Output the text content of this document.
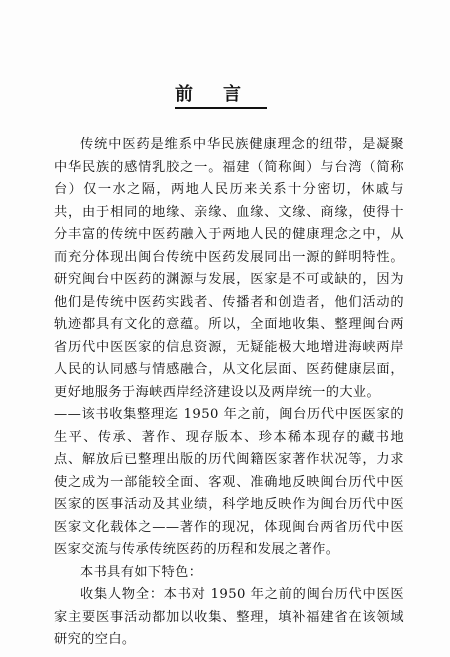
前言

传统中医药是维系中华民族健康理念的纽带，是凝聚中华民族的感情乳胶之一。福建（简称闽）与台湾（简称台）仅一水之隔，两地人民历来关系十分密切，休戚与共，由于相同的地缘、亲缘、血缘、文缘、商缘，使得十分丰富的传统中医药融入于两地人民的健康理念之中，从而充分体现出闽台传统中医药发展同出一源的鲜明特性。研究闽台中医药的渊源与发展，医家是不可或缺的，因为他们是传统中医药实践者、传播者和创造者，他们活动的轨迹都具有文化的意蕴。所以，全面地收集、整理闽台两省历代中医医家的信息资源，无疑能极大地增进海峡两岸人民的认同感与情感融合，从文化层面、医药健康层面，更好地服务于海峡西岸经济建设以及两岸统一的大业。

——该书收集整理迄 1950 年之前，闽台历代中医医家的生平、传承、著作、现存版本、珍本稀本现存的藏书地点、解放后已整理出版的历代闽籍医家著作状况等，力求使之成为一部能较全面、客观、准确地反映闽台历代中医医家的医事活动及其业绩，科学地反映作为闽台历代中医医家文化载体之——著作的现况，体现闽台两省历代中医医家交流与传承传统医药的历程和发展之著作。

本书具有如下特色：

收集人物全：本书对 1950 年之前的闽台历代中医医家主要医事活动都加以收集、整理，填补福建省在该领域研究的空白。
